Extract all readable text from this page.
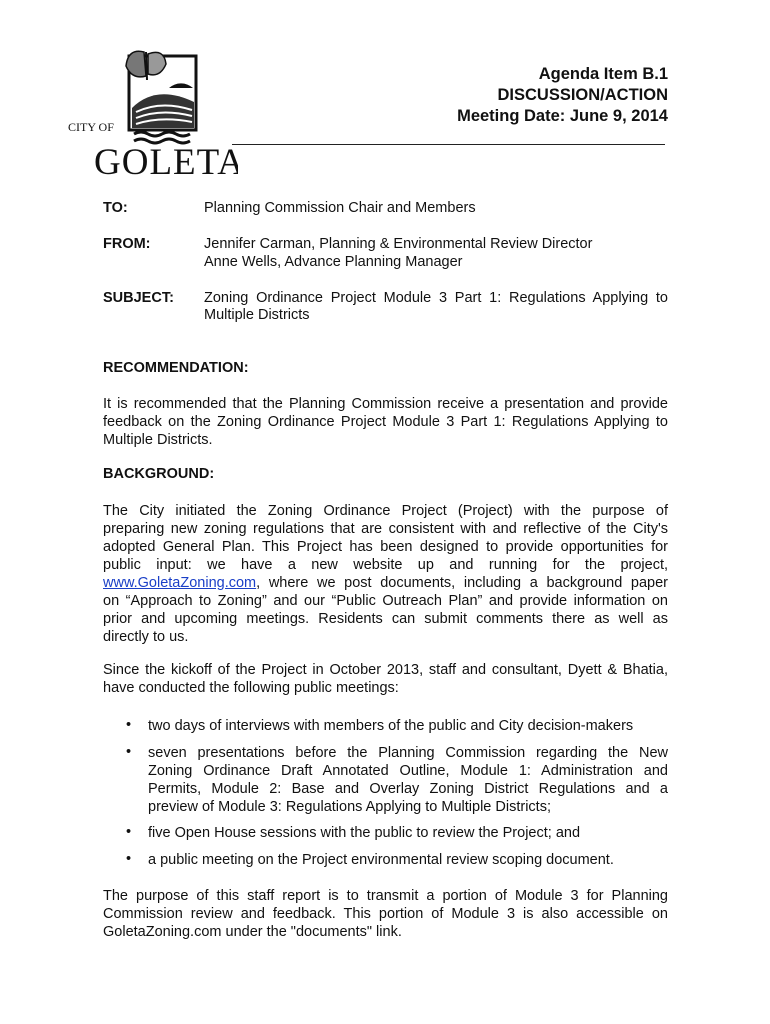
CITY OF
GOLETA
Agenda Item B.1
DISCUSSION/ACTION
Meeting Date: June 9, 2014
TO:	Planning Commission Chair and Members
FROM:	Jennifer Carman, Planning & Environmental Review Director
Anne Wells, Advance Planning Manager
SUBJECT:	Zoning Ordinance Project Module 3 Part 1: Regulations Applying to
Multiple Districts
RECOMMENDATION:
It is recommended that the Planning Commission receive a presentation and provide
feedback on the Zoning Ordinance Project Module 3 Part 1: Regulations Applying to
Multiple Districts.
BACKGROUND:
The City initiated the Zoning Ordinance Project (Project) with the purpose of
preparing new zoning regulations that are consistent with and reflective of the City's
adopted General Plan. This Project has been designed to provide opportunities for
public input: we have a new website up and running for the project,
www.GoletaZoning.com, where we post documents, including a background paper
on “Approach to Zoning” and our “Public Outreach Plan” and provide information on
prior and upcoming meetings. Residents can submit comments there as well as
directly to us.
Since the kickoff of the Project in October 2013, staff and consultant, Dyett & Bhatia,
have conducted the following public meetings:
• two days of interviews with members of the public and City decision-makers
• seven presentations before the Planning Commission regarding the New
Zoning Ordinance Draft Annotated Outline, Module 1: Administration and
Permits, Module 2: Base and Overlay Zoning District Regulations and a
preview of Module 3: Regulations Applying to Multiple Districts;
• five Open House sessions with the public to review the Project; and
• a public meeting on the Project environmental review scoping document.
The purpose of this staff report is to transmit a portion of Module 3 for Planning
Commission review and feedback. This portion of Module 3 is also accessible on
GoletaZoning.com under the "documents" link.
